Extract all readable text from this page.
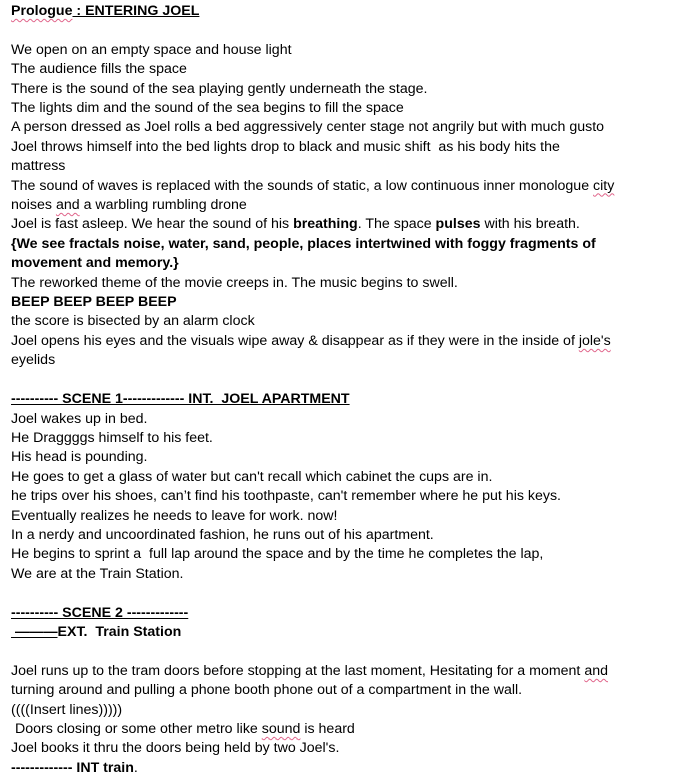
Prologue : ENTERING JOEL
We open on an empty space and house light
The audience fills the space
There is the sound of the sea playing gently underneath the stage.
The lights dim and the sound of the sea begins to fill the space
A person dressed as Joel rolls a bed aggressively center stage not angrily but with much gusto
Joel throws himself into the bed lights drop to black and music shift  as his body hits the
mattress
The sound of waves is replaced with the sounds of static, a low continuous inner monologue city
noises and a warbling rumbling drone
Joel is fast asleep. We hear the sound of his breathing. The space pulses with his breath.
{We see fractals noise, water, sand, people, places intertwined with foggy fragments of
movement and memory.}
The reworked theme of the movie creeps in. The music begins to swell.
BEEP BEEP BEEP BEEP
the score is bisected by an alarm clock
Joel opens his eyes and the visuals wipe away & disappear as if they were in the inside of jole's
eyelids
---------- SCENE 1------------- INT.  JOEL APARTMENT
Joel wakes up in bed.
He Draggggs himself to his feet.
His head is pounding.
He goes to get a glass of water but can't recall which cabinet the cups are in.
he trips over his shoes, can’t find his toothpaste, can't remember where he put his keys.
Eventually realizes he needs to leave for work. now!
In a nerdy and uncoordinated fashion, he runs out of his apartment.
He begins to sprint a  full lap around the space and by the time he completes the lap,
We are at the Train Station.
---------- SCENE 2 -------------
———EXT.  Train Station
Joel runs up to the tram doors before stopping at the last moment, Hesitating for a moment and
turning around and pulling a phone booth phone out of a compartment in the wall.
((((Insert lines)))))
Doors closing or some other metro like sound is heard
Joel books it thru the doors being held by two Joel's.
------------- INT train.
